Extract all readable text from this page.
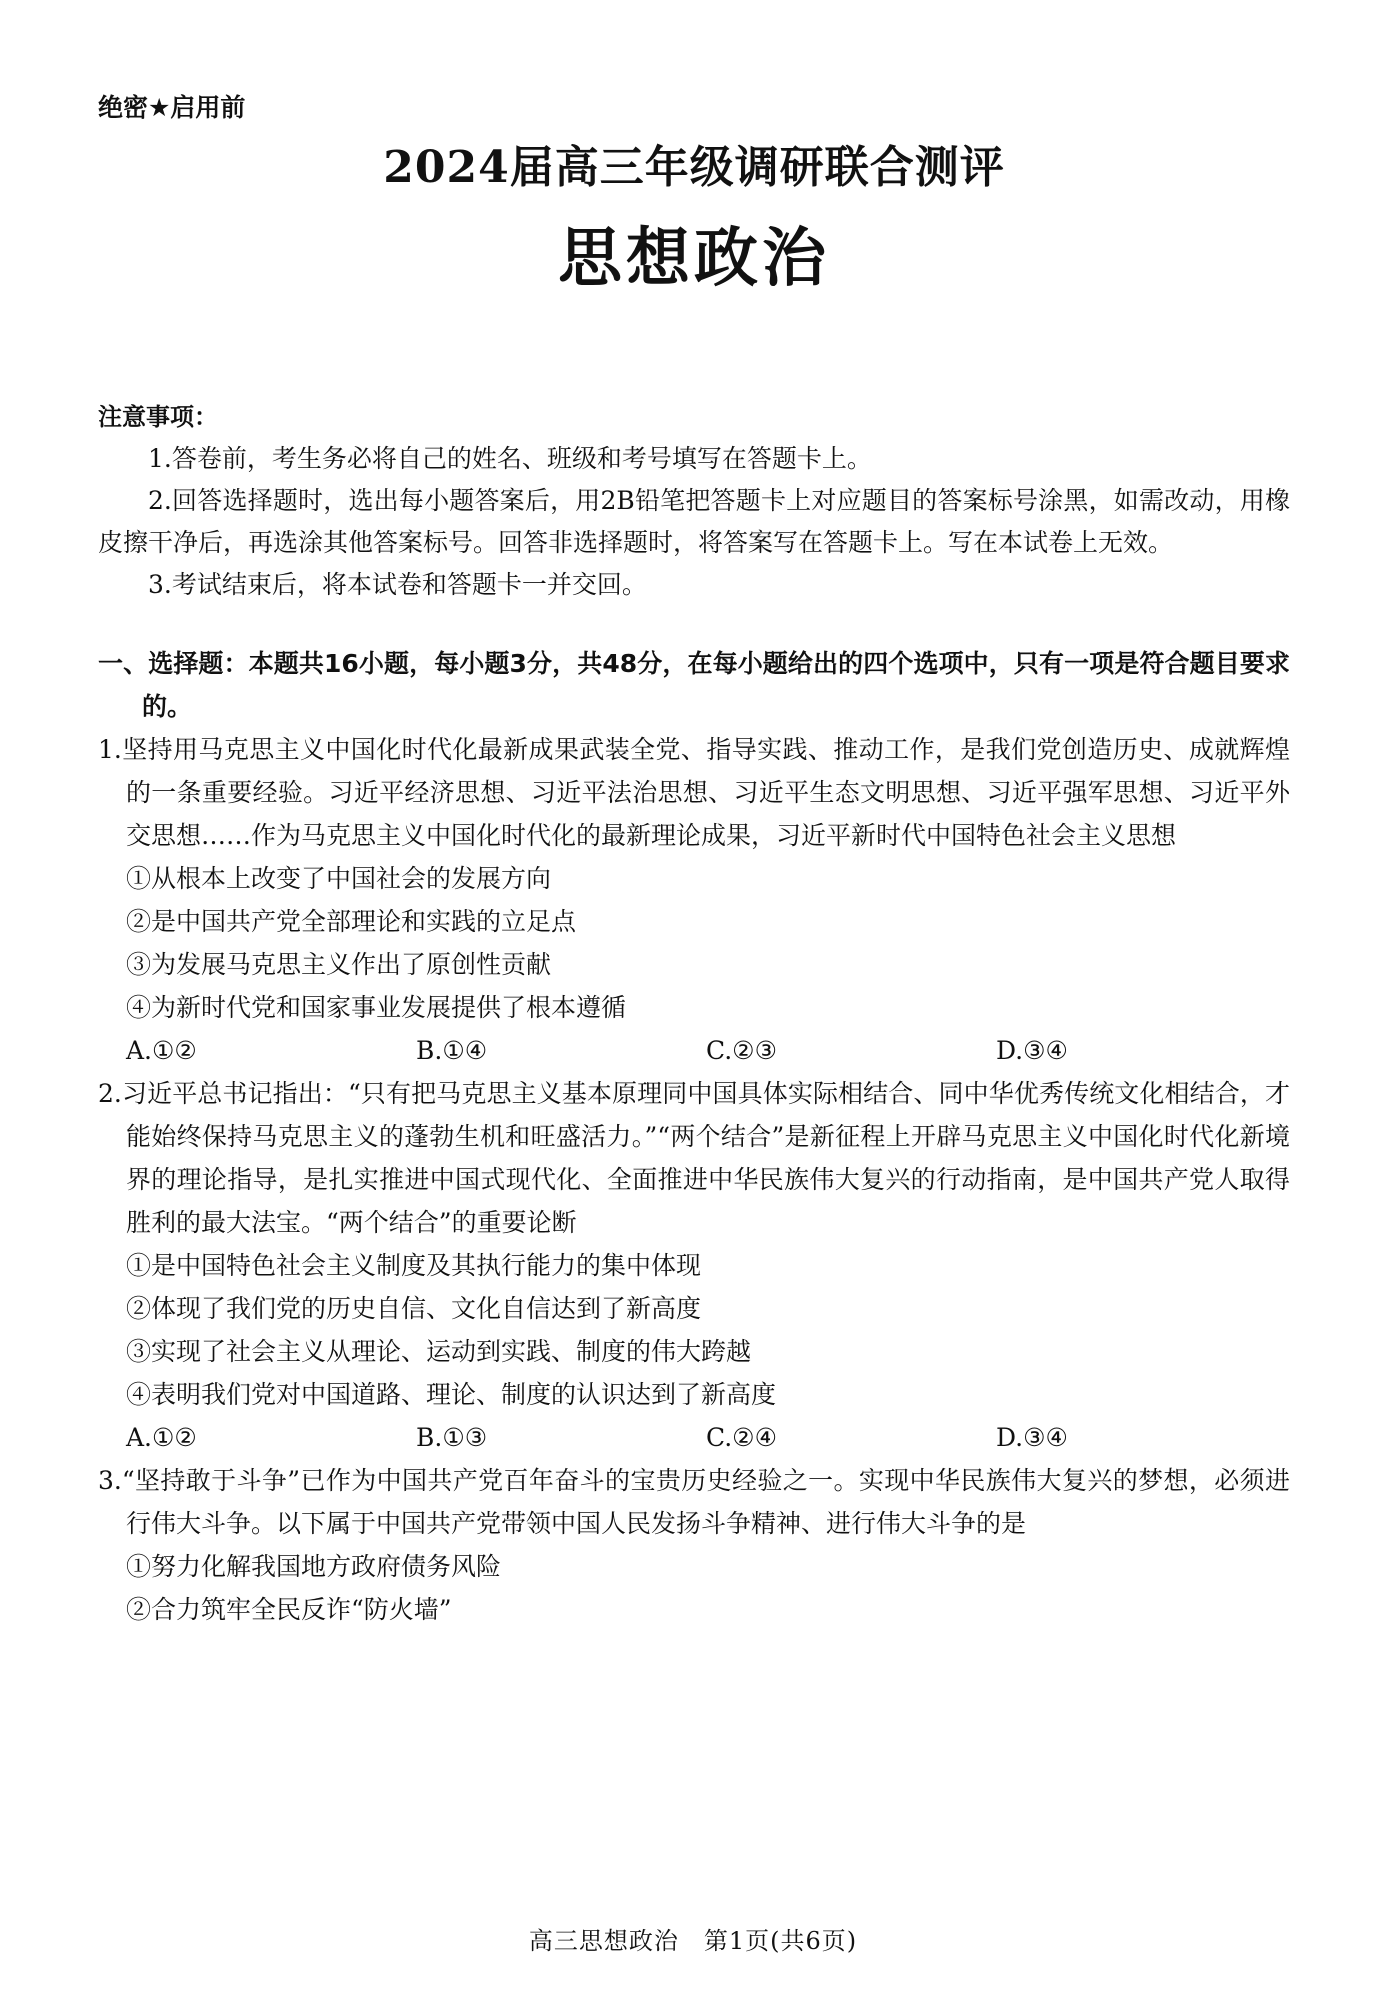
绝密★启用前
2024届高三年级调研联合测评
思想政治
注意事项：

1.答卷前，考生务必将自己的姓名、班级和考号填写在答题卡上。

2.回答选择题时，选出每小题答案后，用2B铅笔把答题卡上对应题目的答案标号涂黑，如需改动，用橡皮擦干净后，再选涂其他答案标号。回答非选择题时，将答案写在答题卡上。写在本试卷上无效。

3.考试结束后，将本试卷和答题卡一并交回。

一、选择题：本题共16小题，每小题3分，共48分，在每小题给出的四个选项中，只有一项是符合题目要求的。

1.坚持用马克思主义中国化时代化最新成果武装全党、指导实践、推动工作，是我们党创造历史、成就辉煌的一条重要经验。习近平经济思想、习近平法治思想、习近平生态文明思想、习近平强军思想、习近平外交思想……作为马克思主义中国化时代化的最新理论成果，习近平新时代中国特色社会主义思想

①从根本上改变了中国社会的发展方向

②是中国共产党全部理论和实践的立足点

③为发展马克思主义作出了原创性贡献

④为新时代党和国家事业发展提供了根本遵循

A.①②	B.①④	C.②③	D.③④

2.习近平总书记指出：“只有把马克思主义基本原理同中国具体实际相结合、同中华优秀传统文化相结合，才能始终保持马克思主义的蓬勃生机和旺盛活力。”“两个结合”是新征程上开辟马克思主义中国化时代化新境界的理论指导，是扎实推进中国式现代化、全面推进中华民族伟大复兴的行动指南，是中国共产党人取得胜利的最大法宝。“两个结合”的重要论断

①是中国特色社会主义制度及其执行能力的集中体现

②体现了我们党的历史自信、文化自信达到了新高度

③实现了社会主义从理论、运动到实践、制度的伟大跨越

④表明我们党对中国道路、理论、制度的认识达到了新高度

A.①②	B.①③	C.②④	D.③④

3.“坚持敢于斗争”已作为中国共产党百年奋斗的宝贵历史经验之一。实现中华民族伟大复兴的梦想，必须进行伟大斗争。以下属于中国共产党带领中国人民发扬斗争精神、进行伟大斗争的是

①努力化解我国地方政府债务风险

②合力筑牢全民反诈“防火墙”

高三思想政治　第1页(共6页)
